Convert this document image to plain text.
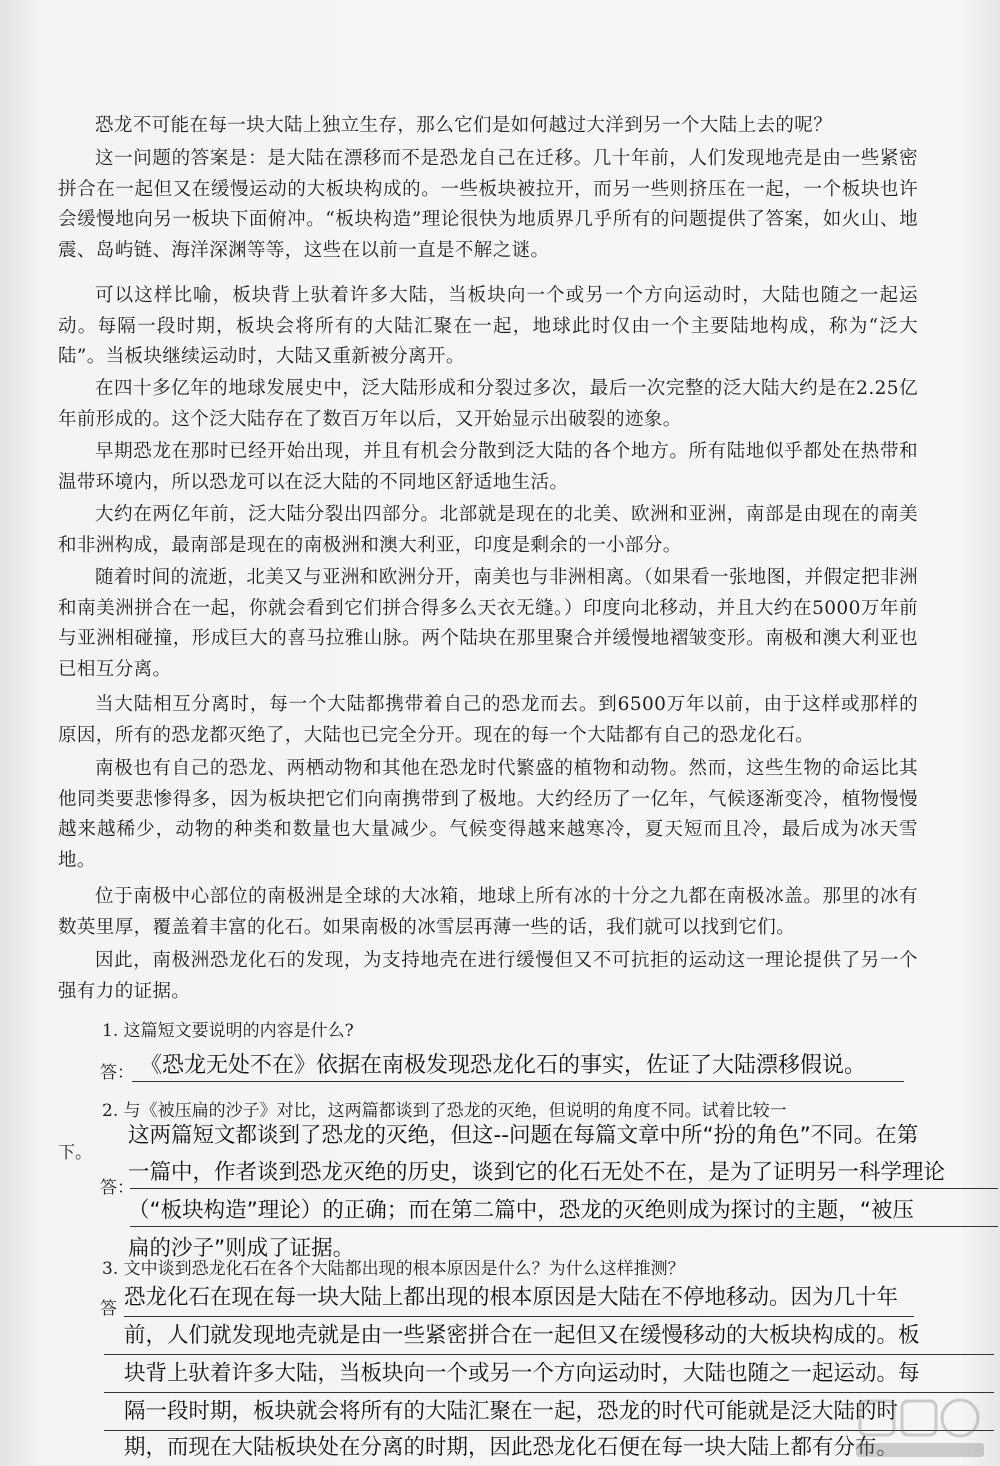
恐龙不可能在每一块大陆上独立生存，那么它们是如何越过大洋到另一个大陆上去的呢？

这一问题的答案是：是大陆在漂移而不是恐龙自己在迁移。几十年前，人们发现地壳是由一些紧密拼合在一起但又在缓慢运动的大板块构成的。一些板块被拉开，而另一些则挤压在一起，一个板块也许会缓慢地向另一板块下面俯冲。“板块构造”理论很快为地质界几乎所有的问题提供了答案，如火山、地震、岛屿链、海洋深渊等等，这些在以前一直是不解之谜。

可以这样比喻，板块背上驮着许多大陆，当板块向一个或另一个方向运动时，大陆也随之一起运动。每隔一段时期，板块会将所有的大陆汇聚在一起，地球此时仅由一个主要陆地构成，称为“泛大陆”。当板块继续运动时，大陆又重新被分离开。

在四十多亿年的地球发展史中，泛大陆形成和分裂过多次，最后一次完整的泛大陆大约是在2.25亿年前形成的。这个泛大陆存在了数百万年以后，又开始显示出破裂的迹象。

早期恐龙在那时已经开始出现，并且有机会分散到泛大陆的各个地方。所有陆地似乎都处在热带和温带环境内，所以恐龙可以在泛大陆的不同地区舒适地生活。

大约在两亿年前，泛大陆分裂出四部分。北部就是现在的北美、欧洲和亚洲，南部是由现在的南美和非洲构成，最南部是现在的南极洲和澳大利亚，印度是剩余的一小部分。

随着时间的流逝，北美又与亚洲和欧洲分开，南美也与非洲相离。（如果看一张地图，并假定把非洲和南美洲拼合在一起，你就会看到它们拼合得多么天衣无缝。）印度向北移动，并且大约在5000万年前与亚洲相碰撞，形成巨大的喜马拉雅山脉。两个陆块在那里聚合并缓慢地褶皱变形。南极和澳大利亚也已相互分离。

当大陆相互分离时，每一个大陆都携带着自己的恐龙而去。到6500万年以前，由于这样或那样的原因，所有的恐龙都灭绝了，大陆也已完全分开。现在的每一个大陆都有自己的恐龙化石。

南极也有自己的恐龙、两栖动物和其他在恐龙时代繁盛的植物和动物。然而，这些生物的命运比其他同类要悲惨得多，因为板块把它们向南携带到了极地。大约经历了一亿年，气候逐渐变冷，植物慢慢越来越稀少，动物的种类和数量也大量减少。气候变得越来越寒冷，夏天短而且冷，最后成为冰天雪地。

位于南极中心部位的南极洲是全球的大冰箱，地球上所有冰的十分之九都在南极冰盖。那里的冰有数英里厚，覆盖着丰富的化石。如果南极的冰雪层再薄一些的话，我们就可以找到它们。

因此，南极洲恐龙化石的发现，为支持地壳在进行缓慢但又不可抗拒的运动这一理论提供了另一个强有力的证据。

1. 这篇短文要说明的内容是什么?

答： 《恐龙无处不在》依据在南极发现恐龙化石的事实，佐证了大陆漂移假说。

2. 与《被压扁的沙子》对比，这两篇都谈到了恐龙的灭绝，但说明的角度不同。试着比较一

下。
答：

这两篇短文都谈到了恐龙的灭绝，但这--问题在每篇文章中所“扮的角色”不同。在第

一篇中，作者谈到恐龙灭绝的历史，谈到它的化石无处不在，是为了证明另一科学理论

（“板块构造”理论）的正确；而在第二篇中，恐龙的灭绝则成为探讨的主题，“被压

扁的沙子”则成了证据。

3. 文中谈到恐龙化石在各个大陆都出现的根本原因是什么？为什么这样推测？

答 恐龙化石在现在每一块大陆上都出现的根本原因是大陆在不停地移动。因为几十年

前，人们就发现地壳就是由一些紧密拼合在一起但又在缓慢移动的大板块构成的。板

块背上驮着许多大陆，当板块向一个或另一个方向运动时，大陆也随之一起运动。每

隔一段时期，板块就会将所有的大陆汇聚在一起，恐龙的时代可能就是泛大陆的时

期，而现在大陆板块处在分离的时期，因此恐龙化石便在每一块大陆上都有分布。
